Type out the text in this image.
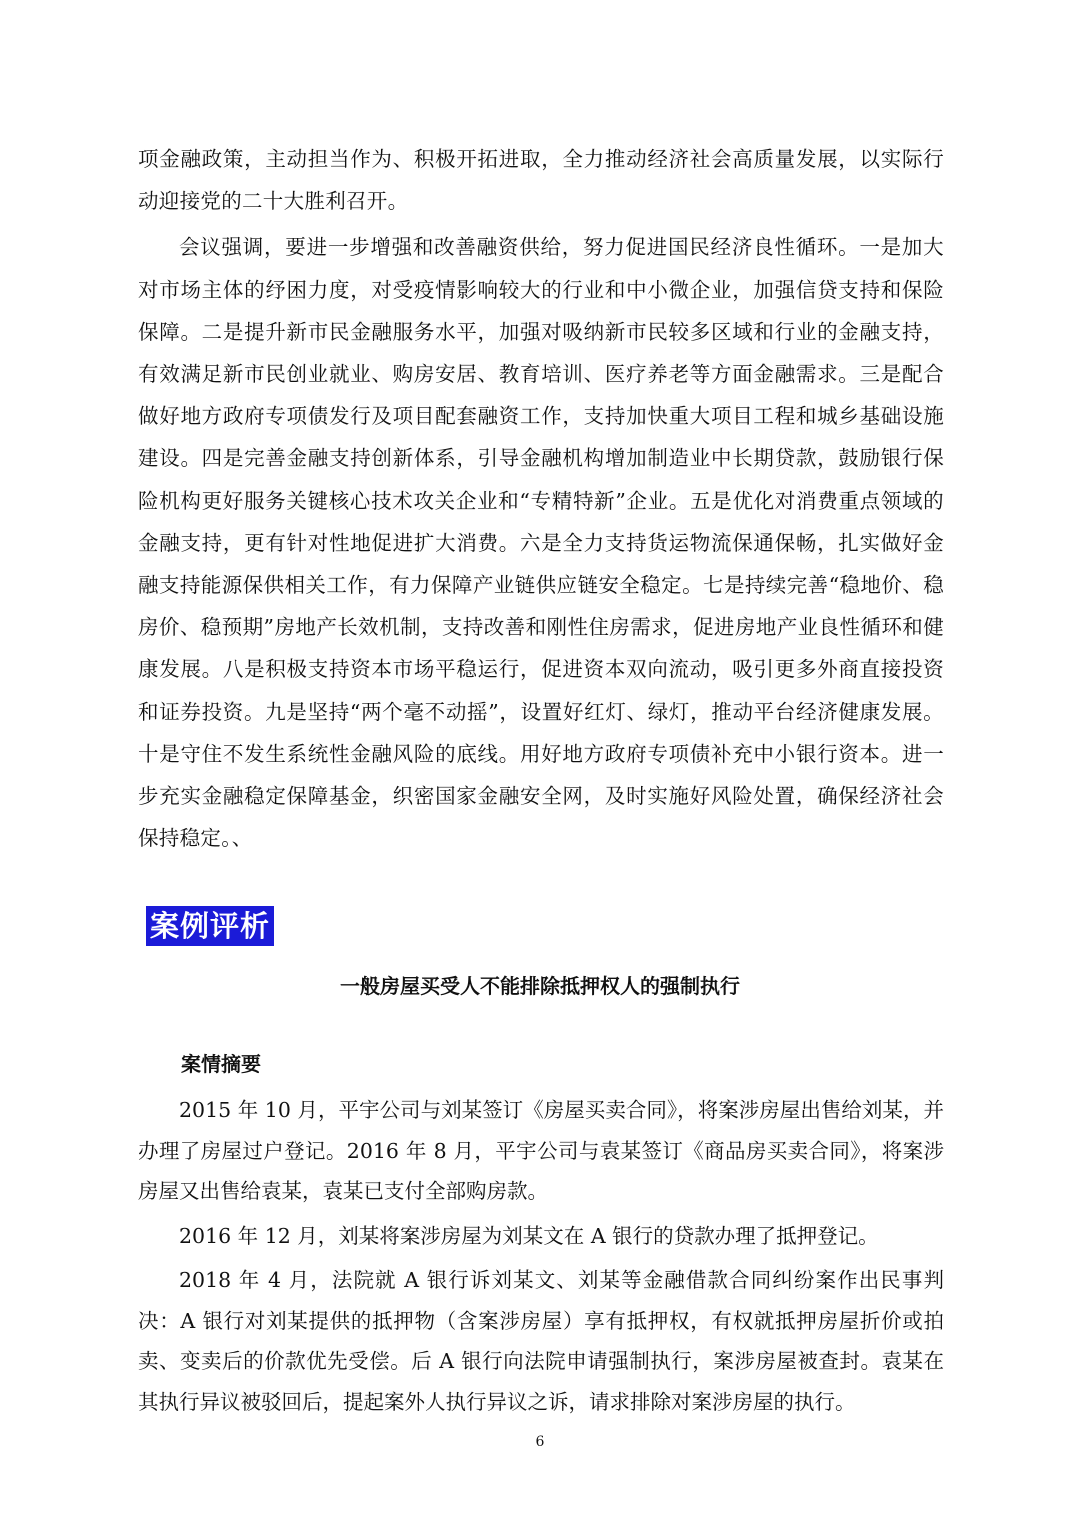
项金融政策，主动担当作为、积极开拓进取，全力推动经济社会高质量发展，以实际行动迎接党的二十大胜利召开。

会议强调，要进一步增强和改善融资供给，努力促进国民经济良性循环。一是加大对市场主体的纾困力度，对受疫情影响较大的行业和中小微企业，加强信贷支持和保险保障。二是提升新市民金融服务水平，加强对吸纳新市民较多区域和行业的金融支持，有效满足新市民创业就业、购房安居、教育培训、医疗养老等方面金融需求。三是配合做好地方政府专项债发行及项目配套融资工作，支持加快重大项目工程和城乡基础设施建设。四是完善金融支持创新体系，引导金融机构增加制造业中长期贷款，鼓励银行保险机构更好服务关键核心技术攻关企业和“专精特新”企业。五是优化对消费重点领域的金融支持，更有针对性地促进扩大消费。六是全力支持货运物流保通保畅，扎实做好金融支持能源保供相关工作，有力保障产业链供应链安全稳定。七是持续完善“稳地价、稳房价、稳预期”房地产长效机制，支持改善和刚性住房需求，促进房地产业良性循环和健康发展。八是积极支持资本市场平稳运行，促进资本双向流动，吸引更多外商直接投资和证券投资。九是坚持“两个毫不动摇”，设置好红灯、绿灯，推动平台经济健康发展。十是守住不发生系统性金融风险的底线。用好地方政府专项债补充中小银行资本。进一步充实金融稳定保障基金，织密国家金融安全网，及时实施好风险处置，确保经济社会保持稳定。、

案例评析
一般房屋买受人不能排除抵押权人的强制执行
案情摘要

2015 年 10 月，平宇公司与刘某签订《房屋买卖合同》，将案涉房屋出售给刘某，并办理了房屋过户登记。2016 年 8 月，平宇公司与袁某签订《商品房买卖合同》，将案涉房屋又出售给袁某，袁某已支付全部购房款。

2016 年 12 月，刘某将案涉房屋为刘某文在 A 银行的贷款办理了抵押登记。

2018 年 4 月，法院就 A 银行诉刘某文、刘某等金融借款合同纠纷案作出民事判决：A 银行对刘某提供的抵押物（含案涉房屋）享有抵押权，有权就抵押房屋折价或拍卖、变卖后的价款优先受偿。后 A 银行向法院申请强制执行，案涉房屋被查封。袁某在其执行异议被驳回后，提起案外人执行异议之诉，请求排除对案涉房屋的执行。

6
